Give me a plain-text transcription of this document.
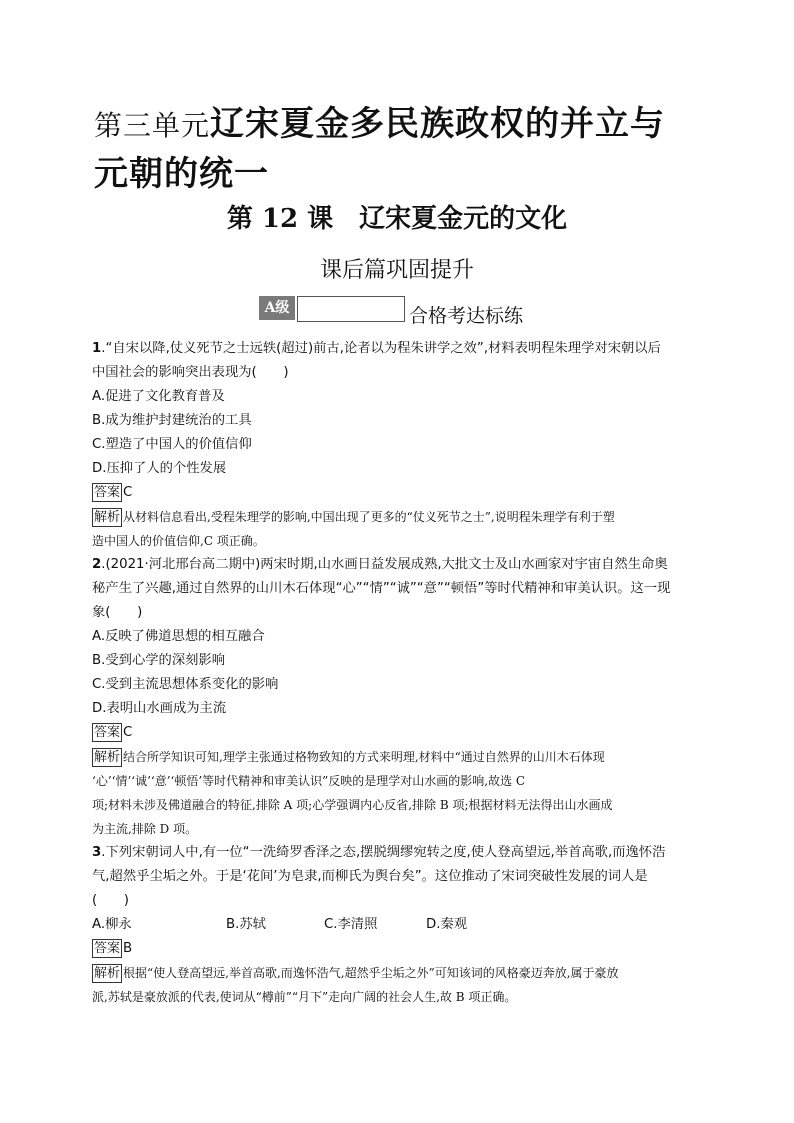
第三单元辽宋夏金多民族政权的并立与
元朝的统一
第 12 课　辽宋夏金元的文化
课后篇巩固提升
A级	合格考达标练
1.“自宋以降,仗义死节之士远轶(超过)前古,论者以为程朱讲学之效”,材料表明程朱理学对宋朝以后
中国社会的影响突出表现为(　　)
A.促进了文化教育普及
B.成为维护封建统治的工具
C.塑造了中国人的价值信仰
D.压抑了人的个性发展
答案 C
解析 从材料信息看出,受程朱理学的影响,中国出现了更多的“仗义死节之士”,说明程朱理学有利于塑
造中国人的价值信仰,C 项正确。
2.(2021·河北邢台高二期中)两宋时期,山水画日益发展成熟,大批文士及山水画家对宇宙自然生命奥
秘产生了兴趣,通过自然界的山川木石体现“心”“情”“诚”“意”“顿悟”等时代精神和审美认识。这一现
象(　　)
A.反映了佛道思想的相互融合
B.受到心学的深刻影响
C.受到主流思想体系变化的影响
D.表明山水画成为主流
答案 C
解析 结合所学知识可知,理学主张通过格物致知的方式来明理,材料中“通过自然界的山川木石体现
‘心’‘情’‘诚’‘意’‘顿悟’等时代精神和审美认识”反映的是理学对山水画的影响,故选 C
项;材料未涉及佛道融合的特征,排除 A 项;心学强调内心反省,排除 B 项;根据材料无法得出山水画成
为主流,排除 D 项。
3.下列宋朝词人中,有一位“一洗绮罗香泽之态,摆脱绸缪宛转之度,使人登高望远,举首高歌,而逸怀浩
气,超然乎尘垢之外。于是‘花间’为皂隶,而柳氏为舆台矣”。这位推动了宋词突破性发展的词人是
(　　)
A.柳永	B.苏轼	C.李清照	D.秦观
答案 B
解析 根据“使人登高望远,举首高歌,而逸怀浩气,超然乎尘垢之外”可知该词的风格豪迈奔放,属于豪放
派,苏轼是豪放派的代表,使词从“樽前”“月下”走向广阔的社会人生,故 B 项正确。
